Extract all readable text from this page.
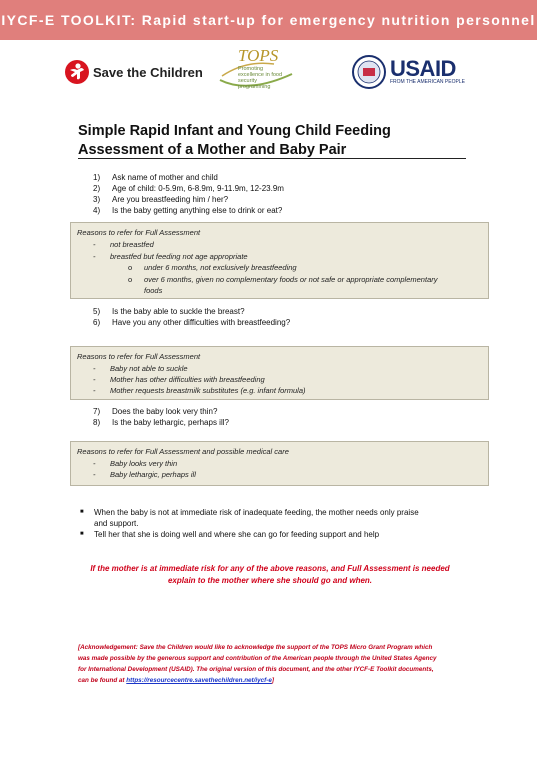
IYCF-E TOOLKIT: Rapid start-up for emergency nutrition personnel
Save the Children
TOPS
Promoting excellence in food security programming
USAID
FROM THE AMERICAN PEOPLE
Simple Rapid Infant and Young Child Feeding
Assessment of a Mother and Baby Pair
1)	Ask name of mother and child
2)	Age of child: 0-5.9m, 6-8.9m, 9-11.9m, 12-23.9m
3)	Are you breastfeeding him / her?
4)	Is the baby getting anything else to drink or eat?
Reasons to refer for Full Assessment
-	not breastfed
-	breastfed but feeding not age appropriate
o	under 6 months, not exclusively breastfeeding
o	over 6 months, given no complementary foods or not safe or appropriate complementary
foods
5)	Is the baby able to suckle the breast?
6)	Have you any other difficulties with breastfeeding?
Reasons to refer for Full Assessment
-	Baby not able to suckle
-	Mother has other difficulties with breastfeeding
-	Mother requests breastmilk substitutes (e.g. infant formula)
7)	Does the baby look very thin?
8)	Is the baby lethargic, perhaps ill?
Reasons to refer for Full Assessment and possible medical care
-	Baby looks very thin
-	Baby lethargic, perhaps ill
■	When the baby is not at immediate risk of inadequate feeding, the mother needs only praise
and support.
■	Tell her that she is doing well and where she can go for feeding support and help
If the mother is at immediate risk for any of the above reasons, and Full Assessment is needed
explain to the mother where she should go and when.
[Acknowledgement: Save the Children would like to acknowledge the support of the TOPS Micro Grant Program which
was made possible by the generous support and contribution of the American people through the United States Agency
for International Development (USAID). The original version of this document, and the other IYCF-E Toolkit documents,
can be found at https://resourcecentre.savethechildren.net/iycf-e]
